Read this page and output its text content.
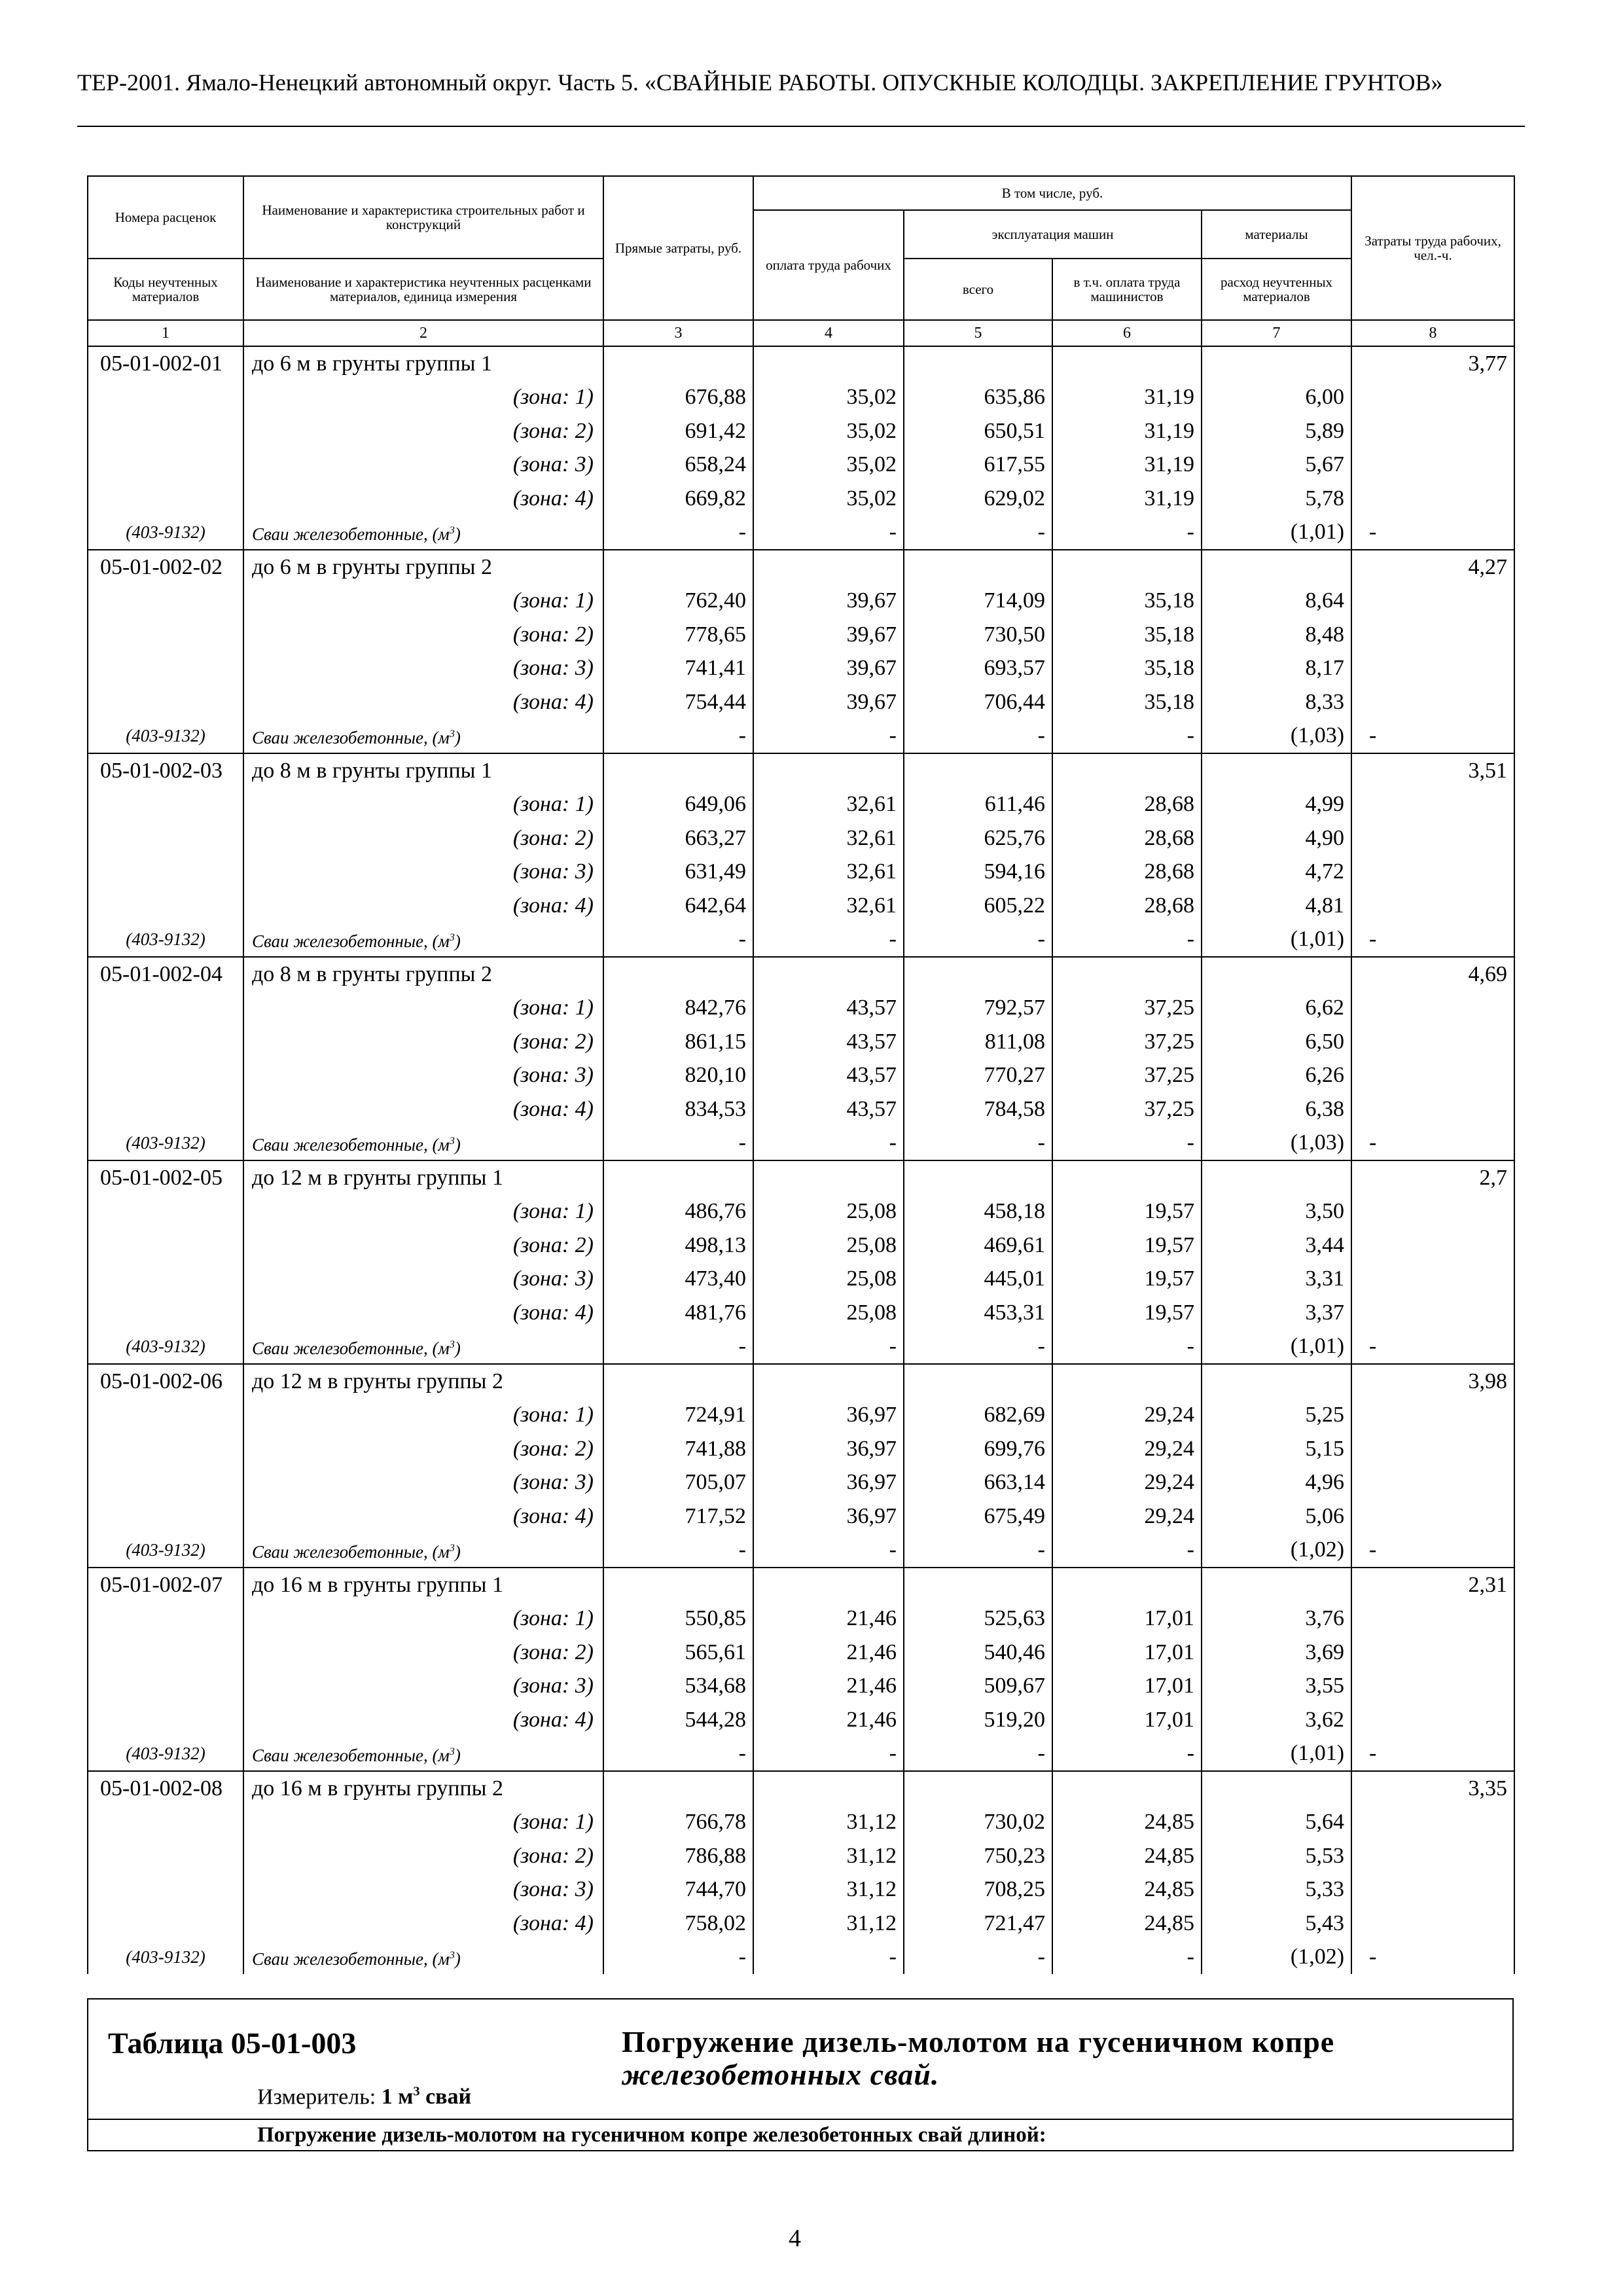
ТЕР-2001. Ямало-Ненецкий автономный округ. Часть 5. «СВАЙНЫЕ РАБОТЫ. ОПУСКНЫЕ КОЛОДЦЫ. ЗАКРЕПЛЕНИЕ ГРУНТОВ»
Номера расценок	Наименование и характеристика строительных работ и конструкций	Прямые затраты, руб.	В том числе, руб.				Затраты труда рабочих, чел.-ч.
			оплата труда рабочих	эксплуатация машин		материалы	
Коды неучтенных материалов	Наименование и характеристика неучтенных расценками материалов, единица измерения			всего	в т.ч. оплата труда машинистов	расход неучтенных материалов	
1	2	3	4	5	6	7	8
05-01-002-01	до 6 м в грунты группы 1						3,77
	(зона: 1)	676,88	35,02	635,86	31,19	6,00	
	(зона: 2)	691,42	35,02	650,51	31,19	5,89	
	(зона: 3)	658,24	35,02	617,55	31,19	5,67	
	(зона: 4)	669,82	35,02	629,02	31,19	5,78	
(403-9132)	Сваи железобетонные, $(м^3)$	-	-	-	-	(1,01)	-
05-01-002-02	до 6 м в грунты группы 2						4,27
	(зона: 1)	762,40	39,67	714,09	35,18	8,64	
	(зона: 2)	778,65	39,67	730,50	35,18	8,48	
	(зона: 3)	741,41	39,67	693,57	35,18	8,17	
	(зона: 4)	754,44	39,67	706,44	35,18	8,33	
(403-9132)	Сваи железобетонные, $(м^3)$	-	-	-	-	(1,03)	-
05-01-002-03	до 8 м в грунты группы 1						3,51
	(зона: 1)	649,06	32,61	611,46	28,68	4,99	
	(зона: 2)	663,27	32,61	625,76	28,68	4,90	
	(зона: 3)	631,49	32,61	594,16	28,68	4,72	
	(зона: 4)	642,64	32,61	605,22	28,68	4,81	
(403-9132)	Сваи железобетонные, $(м^3)$	-	-	-	-	(1,01)	-
05-01-002-04	до 8 м в грунты группы 2						4,69
	(зона: 1)	842,76	43,57	792,57	37,25	6,62	
	(зона: 2)	861,15	43,57	811,08	37,25	6,50	
	(зона: 3)	820,10	43,57	770,27	37,25	6,26	
	(зона: 4)	834,53	43,57	784,58	37,25	6,38	
(403-9132)	Сваи железобетонные, $(м^3)$	-	-	-	-	(1,03)	-
05-01-002-05	до 12 м в грунты группы 1						2,7
	(зона: 1)	486,76	25,08	458,18	19,57	3,50	
	(зона: 2)	498,13	25,08	469,61	19,57	3,44	
	(зона: 3)	473,40	25,08	445,01	19,57	3,31	
	(зона: 4)	481,76	25,08	453,31	19,57	3,37	
(403-9132)	Сваи железобетонные, $(м^3)$	-	-	-	-	(1,01)	-
05-01-002-06	до 12 м в грунты группы 2						3,98
	(зона: 1)	724,91	36,97	682,69	29,24	5,25	
	(зона: 2)	741,88	36,97	699,76	29,24	5,15	
	(зона: 3)	705,07	36,97	663,14	29,24	4,96	
	(зона: 4)	717,52	36,97	675,49	29,24	5,06	
(403-9132)	Сваи железобетонные, $(м^3)$	-	-	-	-	(1,02)	-
05-01-002-07	до 16 м в грунты группы 1						2,31
	(зона: 1)	550,85	21,46	525,63	17,01	3,76	
	(зона: 2)	565,61	21,46	540,46	17,01	3,69	
	(зона: 3)	534,68	21,46	509,67	17,01	3,55	
	(зона: 4)	544,28	21,46	519,20	17,01	3,62	
(403-9132)	Сваи железобетонные, $(м^3)$	-	-	-	-	(1,01)	-
05-01-002-08	до 16 м в грунты группы 2						3,35
	(зона: 1)	766,78	31,12	730,02	24,85	5,64	
	(зона: 2)	786,88	31,12	750,23	24,85	5,53	
	(зона: 3)	744,70	31,12	708,25	24,85	5,33	
	(зона: 4)	758,02	31,12	721,47	24,85	5,43	
(403-9132)	Сваи железобетонные, $(м^3)$	-	-	-	-	(1,02)	-
Таблица 05-01-003	Погружение дизель-молотом на гусеничном копре
железобетонных свай.
Измеритель: 1 $м^3$ свай
Погружение дизель-молотом на гусеничном копре железобетонных свай длиной:
4
